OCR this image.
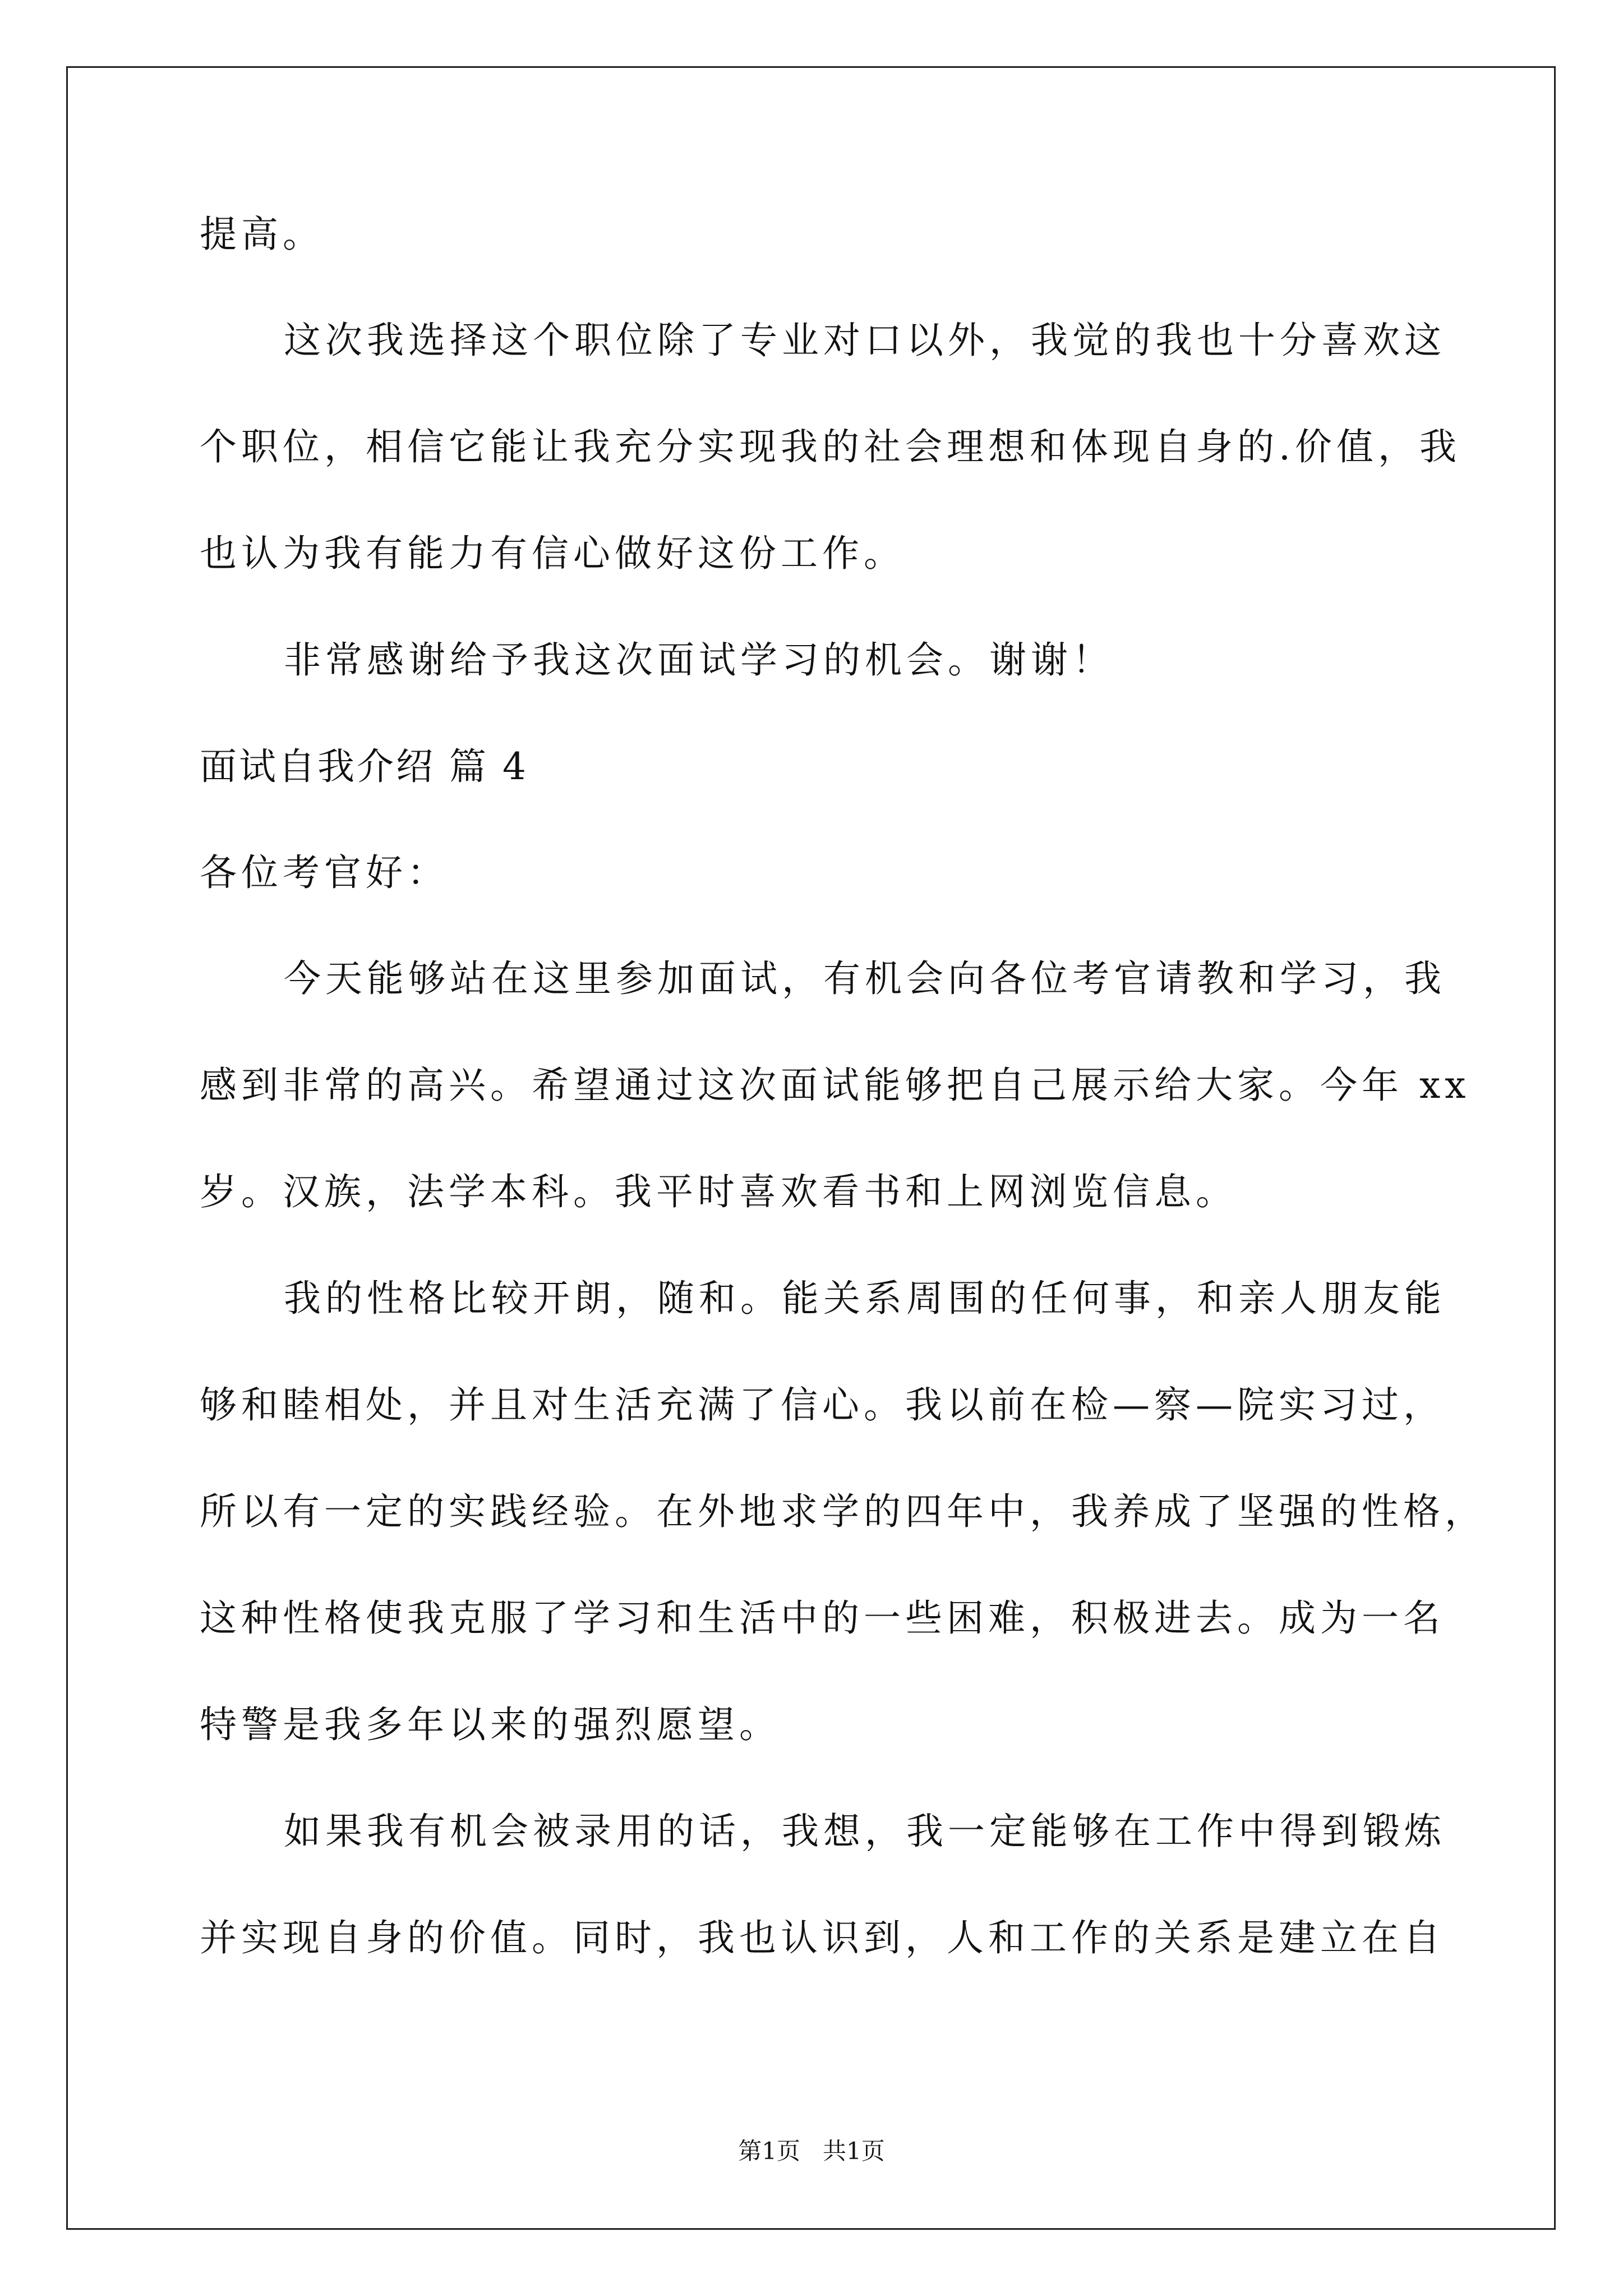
提高。
这次我选择这个职位除了专业对口以外，我觉的我也十分喜欢这
个职位，相信它能让我充分实现我的社会理想和体现自身的.价值，我
也认为我有能力有信心做好这份工作。
非常感谢给予我这次面试学习的机会。谢谢！
面试自我介绍 篇 4
各位考官好：
今天能够站在这里参加面试，有机会向各位考官请教和学习，我
感到非常的高兴。希望通过这次面试能够把自己展示给大家。今年 xx
岁。汉族，法学本科。我平时喜欢看书和上网浏览信息。
我的性格比较开朗，随和。能关系周围的任何事，和亲人朋友能
够和睦相处，并且对生活充满了信心。我以前在检—察—院实习过，
所以有一定的实践经验。在外地求学的四年中，我养成了坚强的性格，
这种性格使我克服了学习和生活中的一些困难，积极进去。成为一名
特警是我多年以来的强烈愿望。
如果我有机会被录用的话，我想，我一定能够在工作中得到锻炼
并实现自身的价值。同时，我也认识到，人和工作的关系是建立在自
第1页   共1页
